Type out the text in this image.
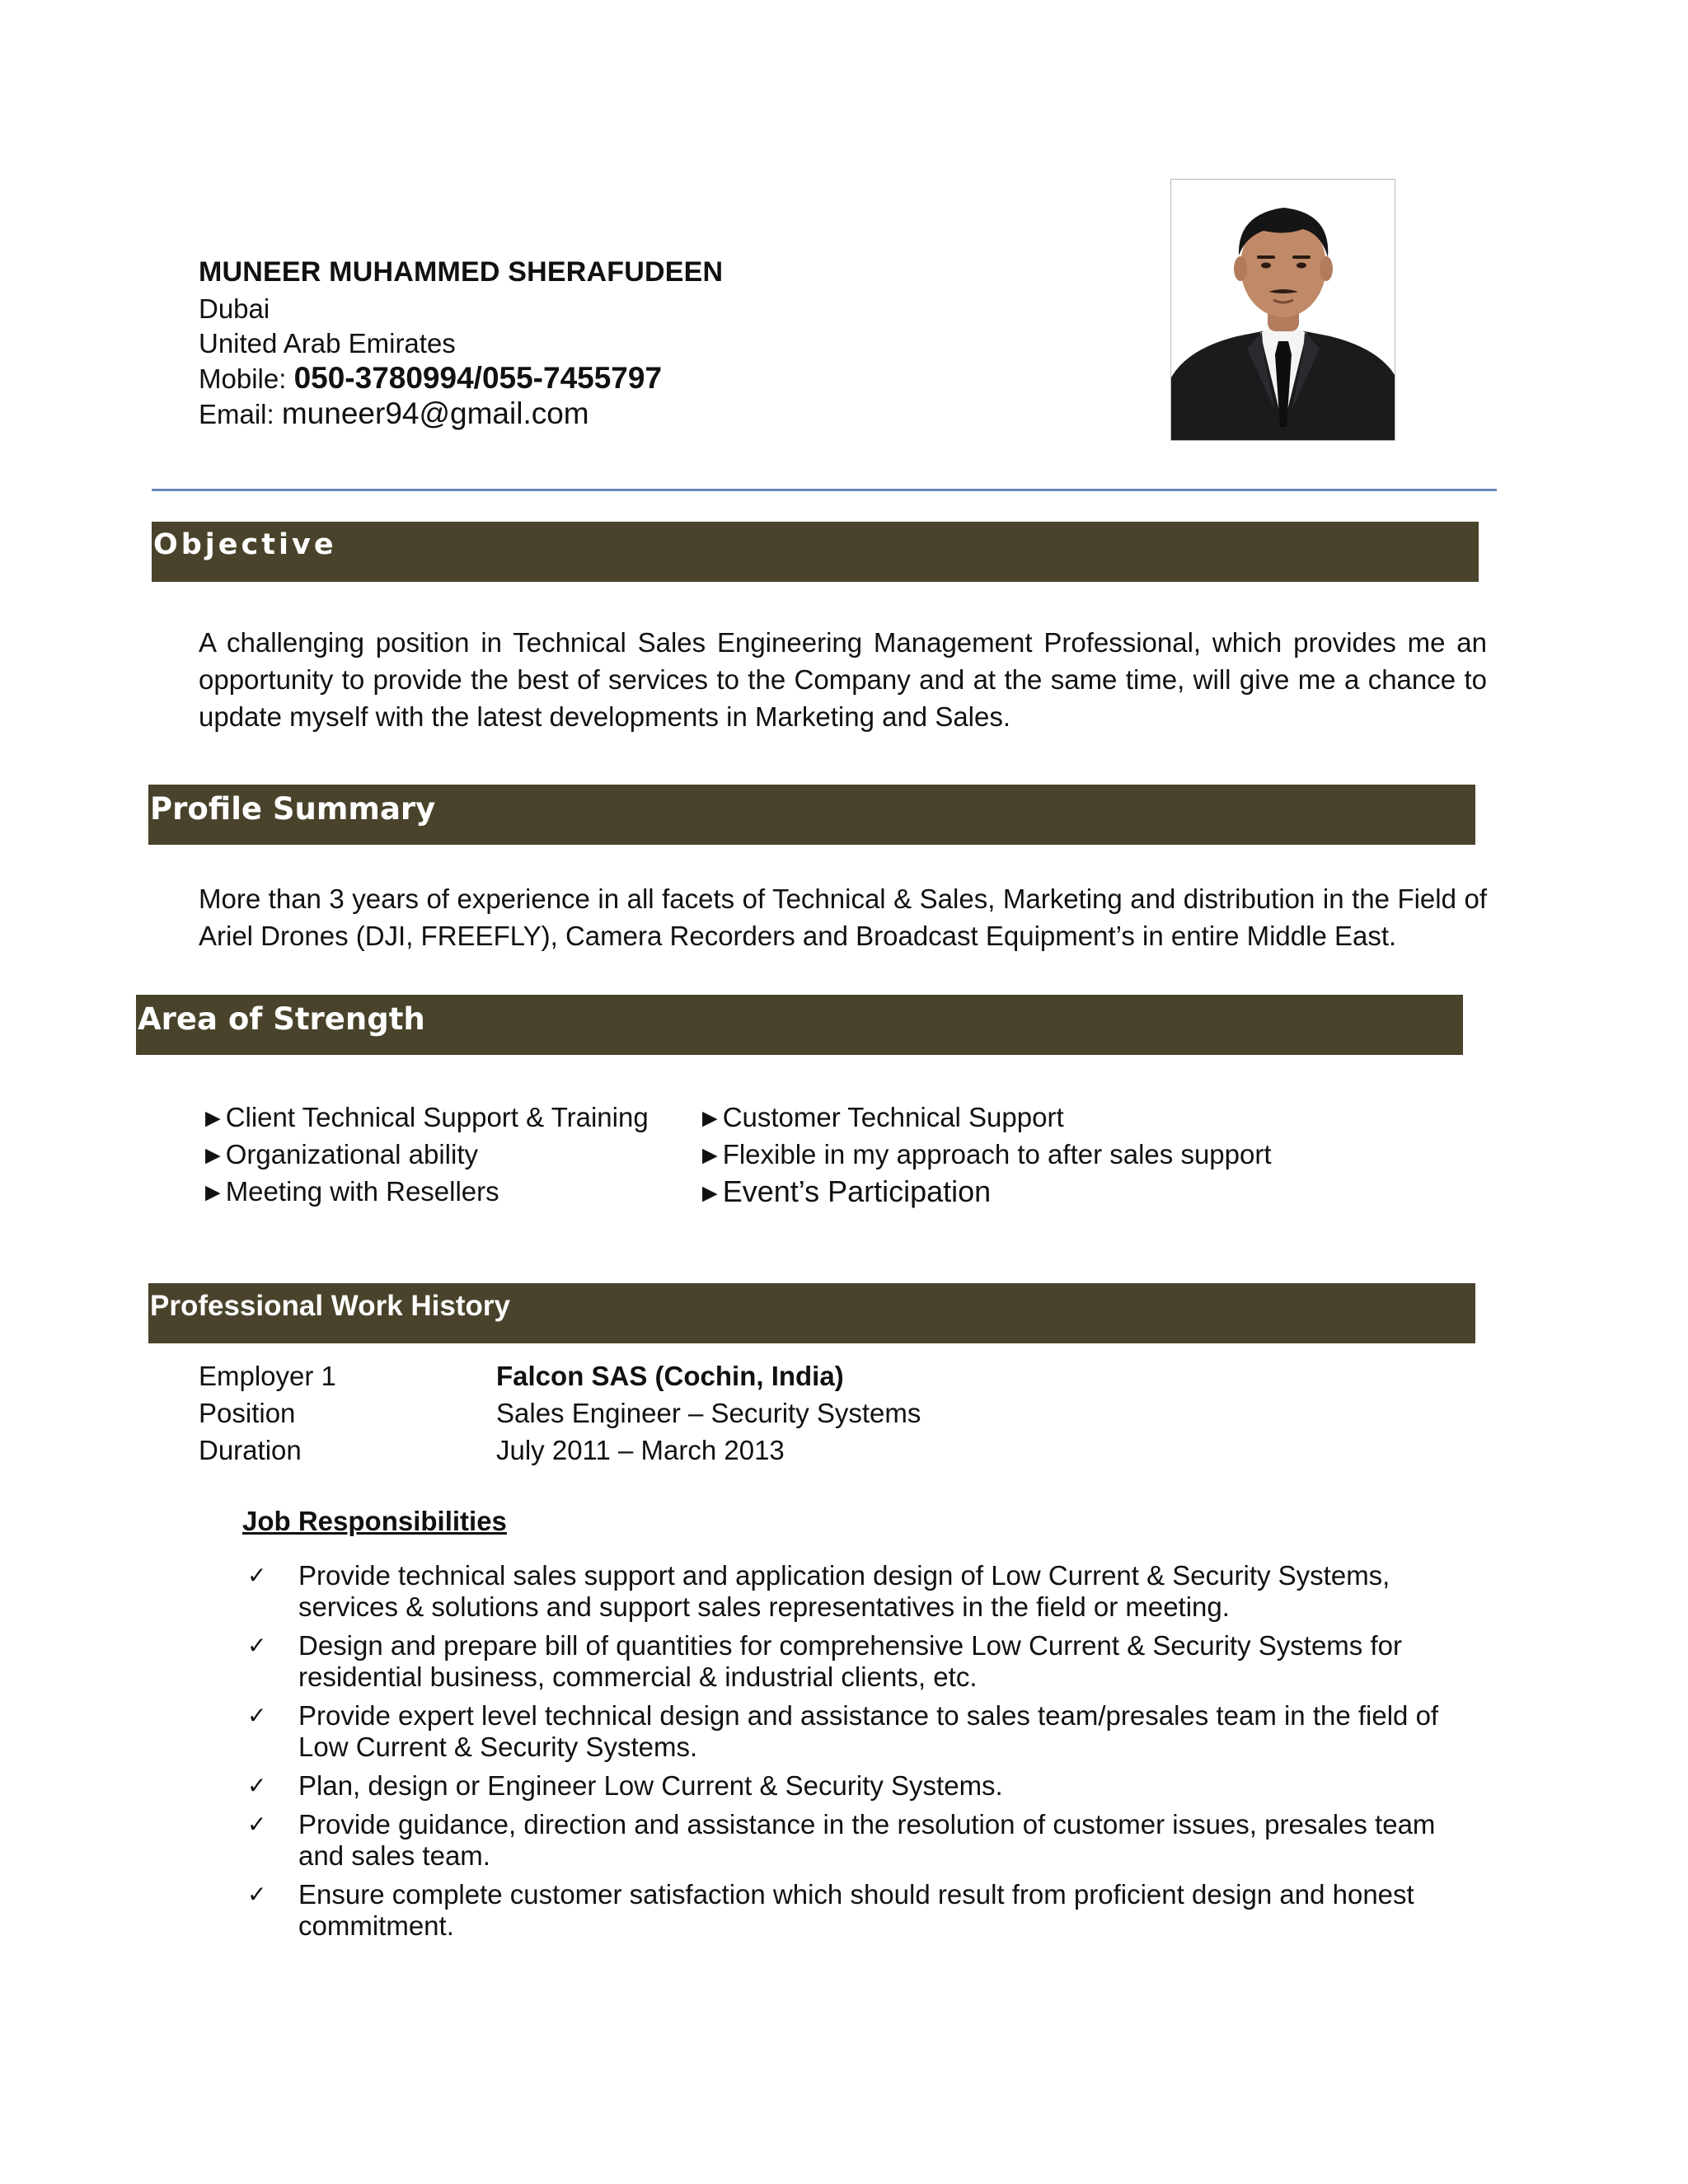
MUNEER MUHAMMED SHERAFUDEEN
Dubai
United Arab Emirates
Mobile: 050-3780994/055-7455797
Email: muneer94@gmail.com
Objective
A challenging position in Technical Sales Engineering Management Professional, which provides me an opportunity to provide the best of services to the Company and at the same time, will give me a chance to update myself with the latest developments in Marketing and Sales.
Profile Summary
More than 3 years of experience in all facets of Technical & Sales, Marketing and distribution in the Field of Ariel Drones (DJI, FREEFLY), Camera Recorders and Broadcast Equipment’s in entire Middle East.
Area of Strength
►Client Technical Support & Training ►Customer Technical Support
►Organizational ability	►Flexible in my approach to after sales support
►Meeting with Resellers	►Event’s Participation
Professional Work History
Employer 1	Falcon SAS (Cochin, India)
Position	Sales Engineer – Security Systems
Duration	July 2011 – March 2013
Job Responsibilities
✓ Provide technical sales support and application design of Low Current & Security Systems, services & solutions and support sales representatives in the field or meeting.
✓ Design and prepare bill of quantities for comprehensive Low Current & Security Systems for residential business, commercial & industrial clients, etc.
✓ Provide expert level technical design and assistance to sales team/presales team in the field of Low Current & Security Systems.
✓ Plan, design or Engineer Low Current & Security Systems.
✓ Provide guidance, direction and assistance in the resolution of customer issues, presales team and sales team.
✓ Ensure complete customer satisfaction which should result from proficient design and honest commitment.
